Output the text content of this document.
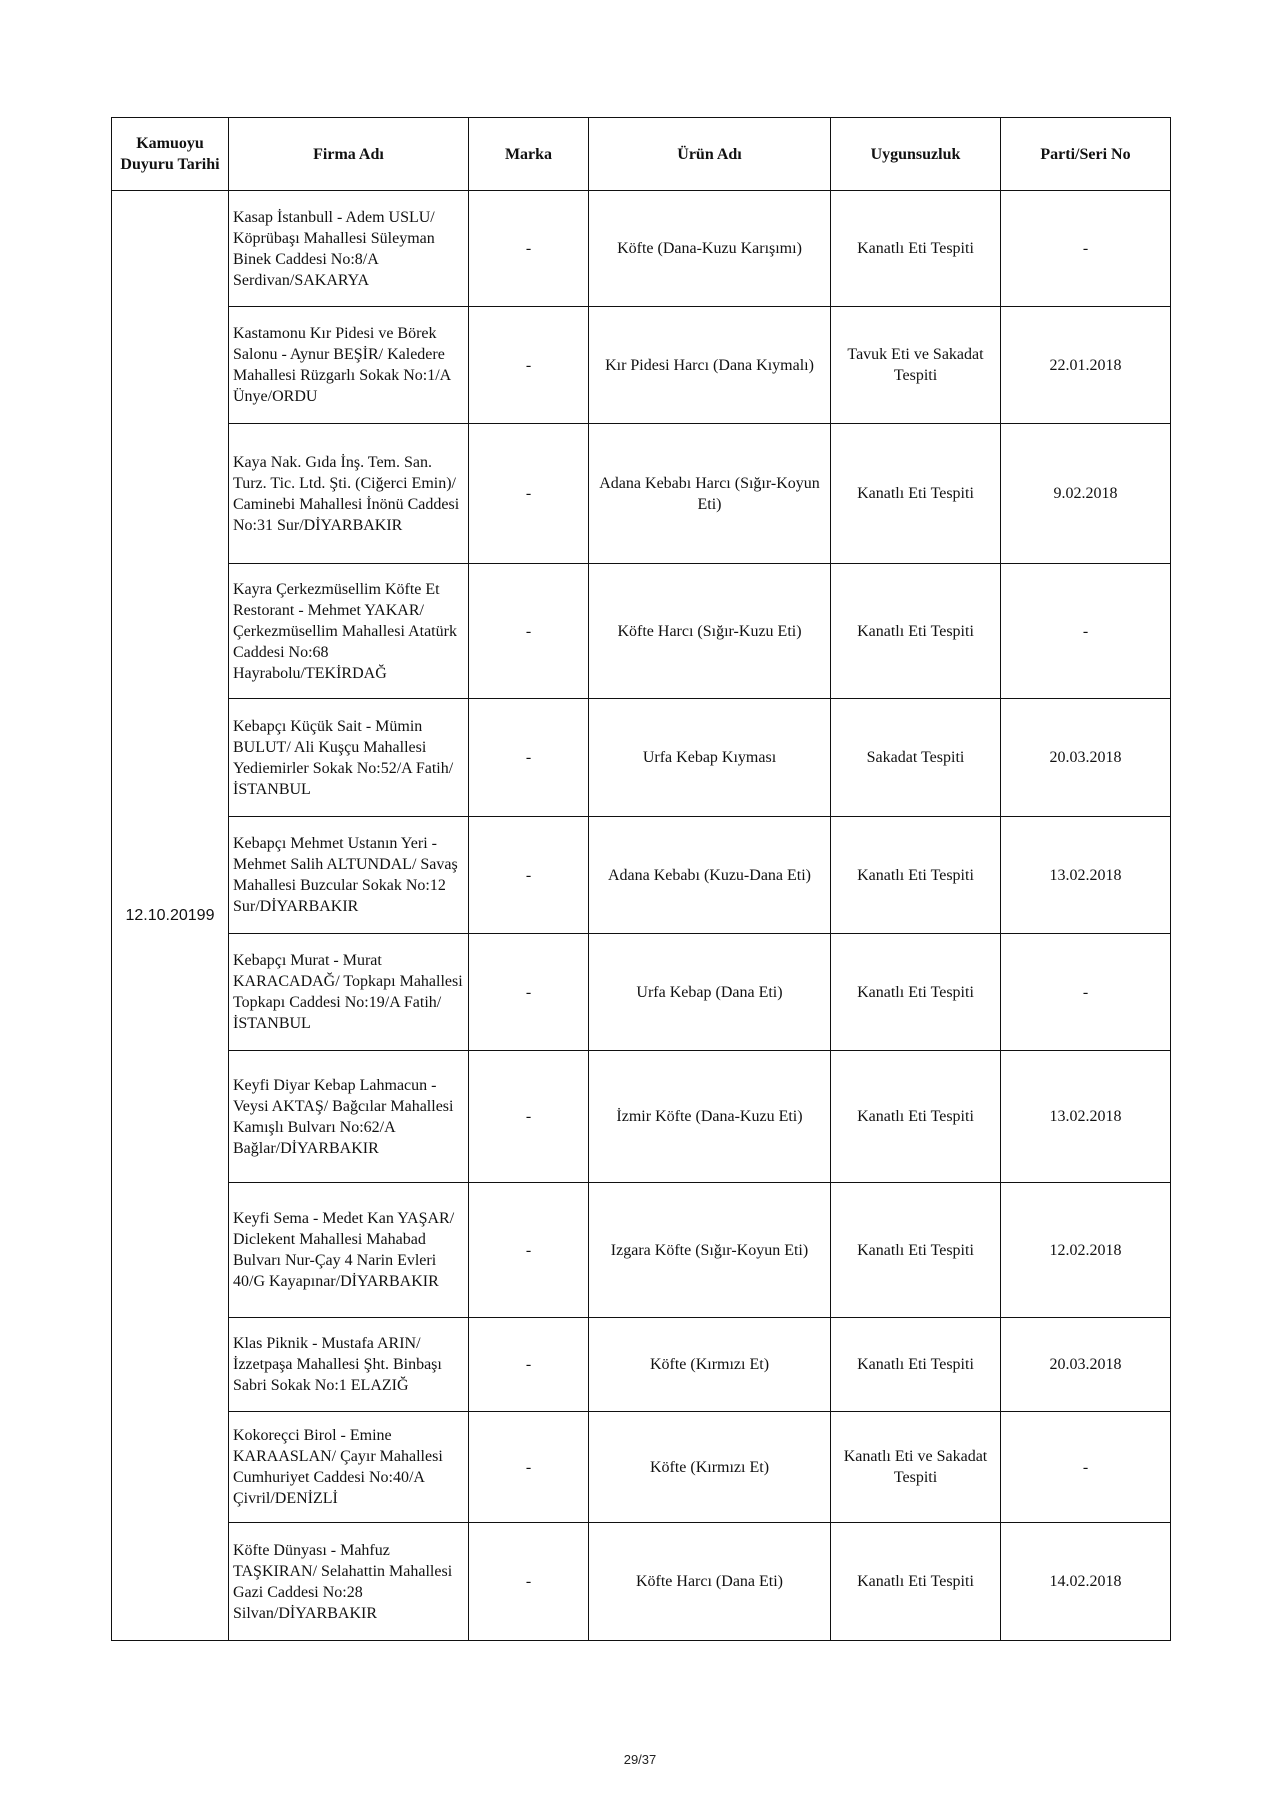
Kamuoyu Duyuru Tarihi	Firma Adı	Marka	Ürün Adı	Uygunsuzluk	Parti/Seri No
12.10.20199	Kasap İstanbull - Adem USLU/ Köprübaşı Mahallesi Süleyman Binek Caddesi No:8/A Serdivan/SAKARYA	-	Köfte (Dana-Kuzu Karışımı)	Kanatlı Eti Tespiti	-
	Kastamonu Kır Pidesi ve Börek Salonu - Aynur BEŞİR/ Kaledere Mahallesi Rüzgarlı Sokak No:1/A Ünye/ORDU	-	Kır Pidesi Harcı (Dana Kıymalı)	Tavuk Eti ve Sakadat Tespiti	22.01.2018
	Kaya Nak. Gıda İnş. Tem. San. Turz. Tic. Ltd. Şti. (Ciğerci Emin)/ Caminebi Mahallesi İnönü Caddesi No:31 Sur/DİYARBAKIR	-	Adana Kebabı Harcı (Sığır-Koyun Eti)	Kanatlı Eti Tespiti	9.02.2018
	Kayra Çerkezmüsellim Köfte Et Restorant - Mehmet YAKAR/ Çerkezmüsellim Mahallesi Atatürk Caddesi No:68 Hayrabolu/TEKİRDAĞ	-	Köfte Harcı (Sığır-Kuzu Eti)	Kanatlı Eti Tespiti	-
	Kebapçı Küçük Sait - Mümin BULUT/ Ali Kuşçu Mahallesi Yediemirler Sokak No:52/A Fatih/İSTANBUL	-	Urfa Kebap Kıyması	Sakadat Tespiti	20.03.2018
	Kebapçı Mehmet Ustanın Yeri - Mehmet Salih ALTUNDAL/ Savaş Mahallesi Buzcular Sokak No:12 Sur/DİYARBAKIR	-	Adana Kebabı (Kuzu-Dana Eti)	Kanatlı Eti Tespiti	13.02.2018
	Kebapçı Murat - Murat KARACADAĞ/ Topkapı Mahallesi Topkapı Caddesi No:19/A Fatih/İSTANBUL	-	Urfa Kebap (Dana Eti)	Kanatlı Eti Tespiti	-
	Keyfi Diyar Kebap Lahmacun - Veysi AKTAŞ/ Bağcılar Mahallesi Kamışlı Bulvarı No:62/A Bağlar/DİYARBAKIR	-	İzmir Köfte (Dana-Kuzu Eti)	Kanatlı Eti Tespiti	13.02.2018
	Keyfi Sema - Medet Kan YAŞAR/ Diclekent Mahallesi Mahabad Bulvarı Nur-Çay 4 Narin Evleri 40/G Kayapınar/DİYARBAKIR	-	Izgara Köfte (Sığır-Koyun Eti)	Kanatlı Eti Tespiti	12.02.2018
	Klas Piknik - Mustafa ARIN/ İzzetpaşa Mahallesi Şht. Binbaşı Sabri Sokak No:1 ELAZIĞ	-	Köfte (Kırmızı Et)	Kanatlı Eti Tespiti	20.03.2018
	Kokoreçci Birol - Emine KARAASLAN/ Çayır Mahallesi Cumhuriyet Caddesi No:40/A Çivril/DENİZLİ	-	Köfte (Kırmızı Et)	Kanatlı Eti ve Sakadat Tespiti	-
	Köfte Dünyası - Mahfuz TAŞKIRAN/ Selahattin Mahallesi Gazi Caddesi No:28 Silvan/DİYARBAKIR	-	Köfte Harcı (Dana Eti)	Kanatlı Eti Tespiti	14.02.2018
29/37
